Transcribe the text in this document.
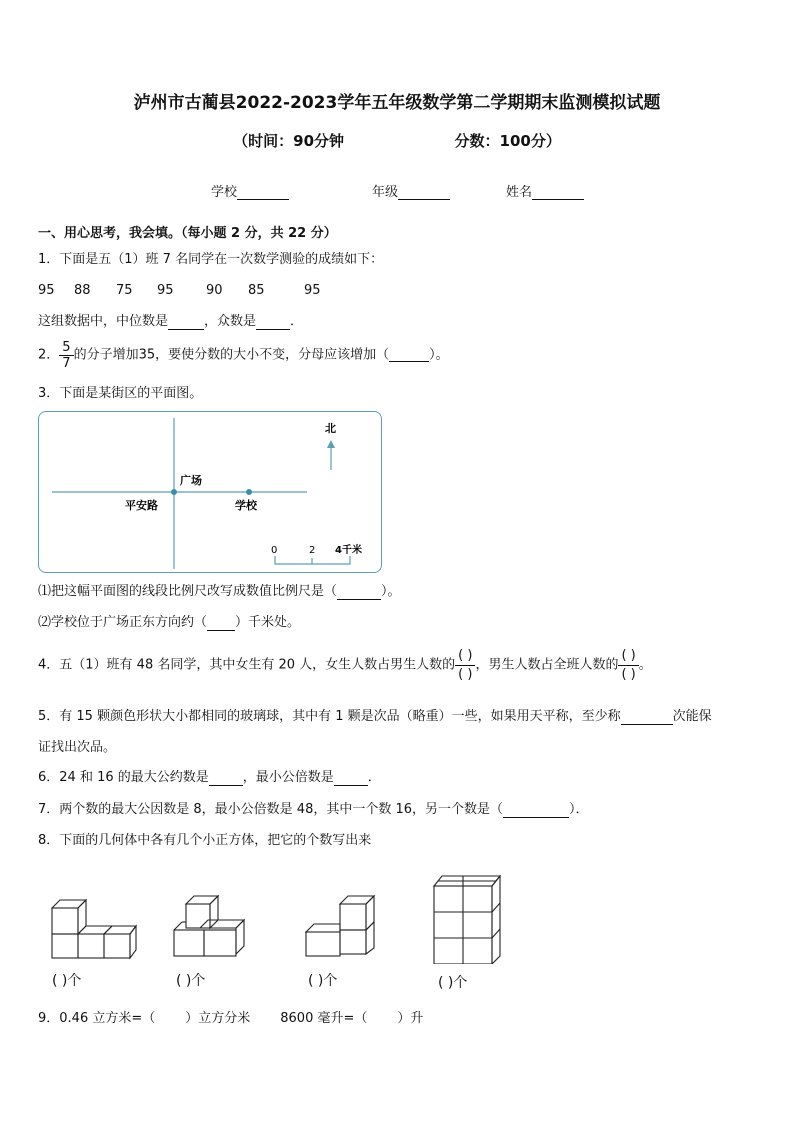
泸州市古蔺县2022-2023学年五年级数学第二学期期末监测模拟试题
（时间：90分钟	分数：100分）
学校	年级	姓名
一、用心思考，我会填。（每小题 2 分，共 22 分）
1．下面是五（1）班 7 名同学在一次数学测验的成绩如下：
95 88 75 95 90 85	95
这组数据中，中位数是	，众数是	．
2． $\frac{5}{7}$ 的分子增加35，要使分数的大小不变，分母应该增加（	）。
3．下面是某街区的平面图。
广场
平安路	学校
北
0	2 4千米
⑴把这幅平面图的线段比例尺改写成数值比例尺是（	）。
⑵学校位于广场正东方向约（ ）千米处。
4．五（1）班有 48 名同学，其中女生有 20 人，女生人数占男生人数的 $\frac{( )}{( )}$ ，男生人数占全班人数的 $\frac{( )}{( )}$ 。
5．有 15 颗颜色形状大小都相同的玻璃球，其中有 1 颗是次品（略重）一些，如果用天平称，至少称	次能保
证找出次品。
6．24 和 16 的最大公约数是	，最小公倍数是	．
7．两个数的最大公因数是 8，最小公倍数是 48，其中一个数 16，另一个数是（	）．
8．下面的几何体中各有几个小正方体，把它的个数写出来
( )个	( )个	( )个	( )个
9．0.46 立方米=（ ）立方分米 8600 毫升=（ ）升
